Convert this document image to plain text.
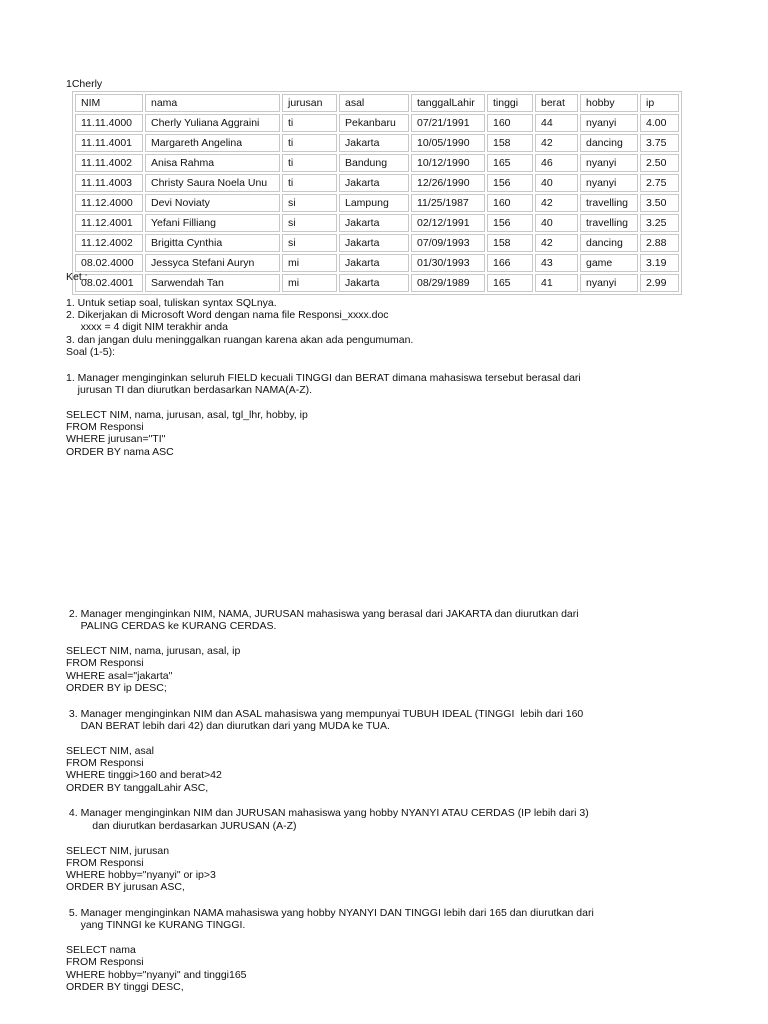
1Cherly
NIM	nama	jurusan	asal	tanggalLahir	tinggi	berat	hobby	ip
11.11.4000	Cherly Yuliana Aggraini	ti	Pekanbaru	07/21/1991	160	44	nyanyi	4.00
11.11.4001	Margareth Angelina	ti	Jakarta	10/05/1990	158	42	dancing	3.75
11.11.4002	Anisa Rahma	ti	Bandung	10/12/1990	165	46	nyanyi	2.50
11.11.4003	Christy Saura Noela Unu	ti	Jakarta	12/26/1990	156	40	nyanyi	2.75
11.12.4000	Devi Noviaty	si	Lampung	11/25/1987	160	42	travelling	3.50
11.12.4001	Yefani Filliang	si	Jakarta	02/12/1991	156	40	travelling	3.25
11.12.4002	Brigitta Cynthia	si	Jakarta	07/09/1993	158	42	dancing	2.88
08.02.4000	Jessyca Stefani Auryn	mi	Jakarta	01/30/1993	166	43	game	3.19
08.02.4001	Sarwendah Tan	mi	Jakarta	08/29/1989	165	41	nyanyi	2.99
Ket :
1. Untuk setiap soal, tuliskan syntax SQLnya.
2. Dikerjakan di Microsoft Word dengan nama file Responsi_xxxx.doc
xxxx = 4 digit NIM terakhir anda
3. dan jangan dulu meninggalkan ruangan karena akan ada pengumuman.
Soal (1-5):
1. Manager menginginkan seluruh FIELD kecuali TINGGI dan BERAT dimana mahasiswa tersebut berasal dari
jurusan TI dan diurutkan berdasarkan NAMA(A-Z).
SELECT NIM, nama, jurusan, asal, tgl_lhr, hobby, ip
FROM Responsi
WHERE jurusan="TI"
ORDER BY nama ASC
2. Manager menginginkan NIM, NAMA, JURUSAN mahasiswa yang berasal dari JAKARTA dan diurutkan dari
PALING CERDAS ke KURANG CERDAS.
SELECT NIM, nama, jurusan, asal, ip
FROM Responsi
WHERE asal="jakarta"
ORDER BY ip DESC;
3. Manager menginginkan NIM dan ASAL mahasiswa yang mempunyai TUBUH IDEAL (TINGGI  lebih dari 160
DAN BERAT lebih dari 42) dan diurutkan dari yang MUDA ke TUA.
SELECT NIM, asal
FROM Responsi
WHERE tinggi>160 and berat>42
ORDER BY tanggalLahir ASC,
4. Manager menginginkan NIM dan JURUSAN mahasiswa yang hobby NYANYI ATAU CERDAS (IP lebih dari 3)
dan diurutkan berdasarkan JURUSAN (A-Z)
SELECT NIM, jurusan
FROM Responsi
WHERE hobby="nyanyi" or ip>3
ORDER BY jurusan ASC,
5. Manager menginginkan NAMA mahasiswa yang hobby NYANYI DAN TINGGI lebih dari 165 dan diurutkan dari
yang TINNGI ke KURANG TINGGI.
SELECT nama
FROM Responsi
WHERE hobby="nyanyi" and tinggi165
ORDER BY tinggi DESC,
